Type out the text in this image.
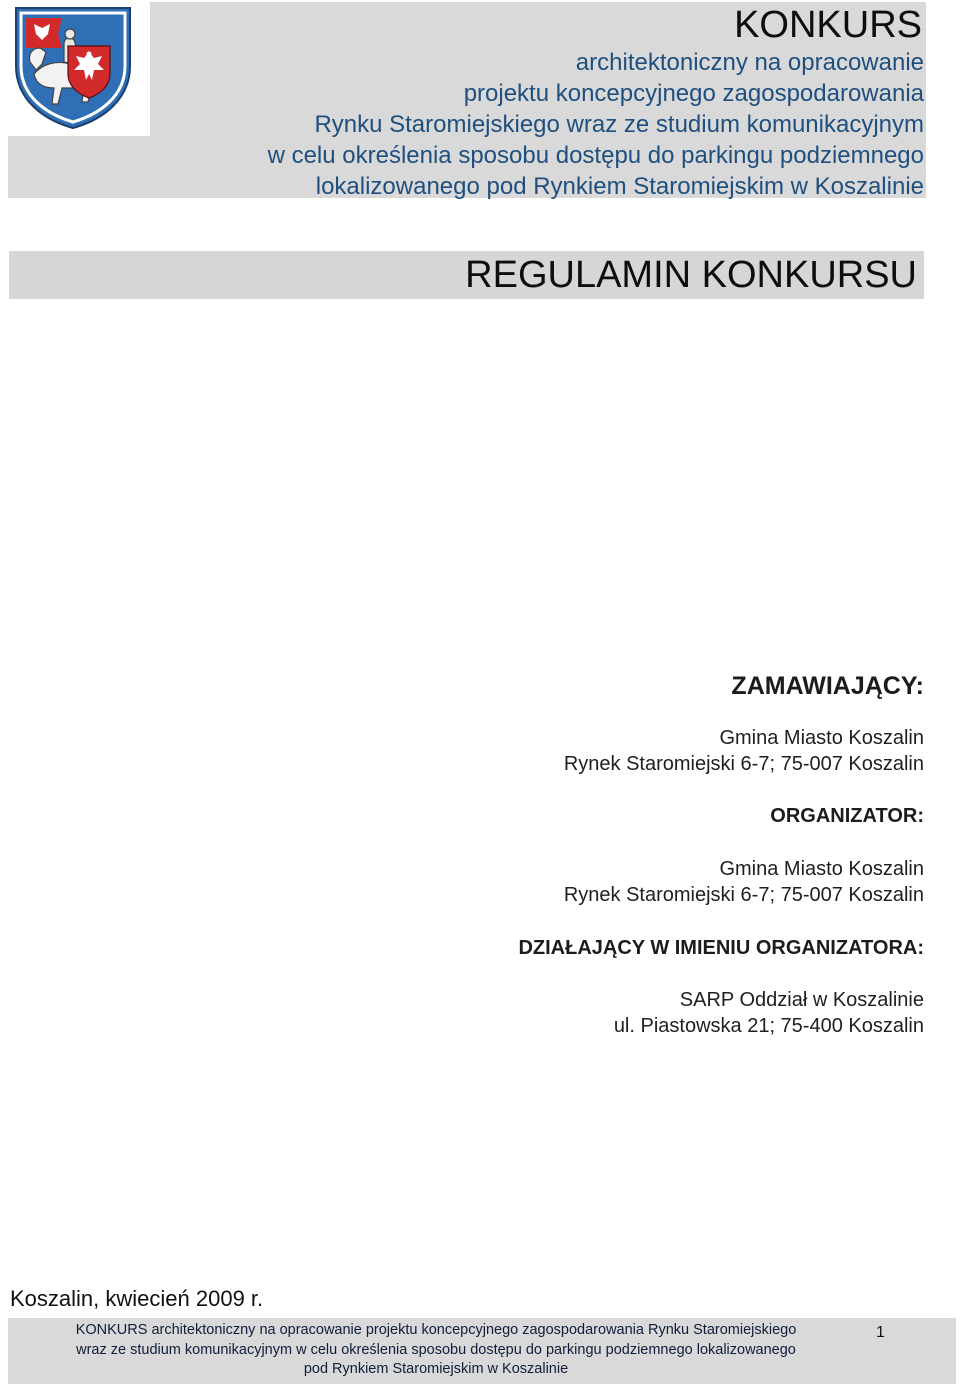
KONKURS
architektoniczny na opracowanie
projektu koncepcyjnego zagospodarowania
Rynku Staromiejskiego wraz ze studium komunikacyjnym
w celu określenia sposobu dostępu do parkingu podziemnego
lokalizowanego pod Rynkiem Staromiejskim w Koszalinie
REGULAMIN KONKURSU
ZAMAWIAJĄCY:
Gmina Miasto Koszalin
Rynek Staromiejski 6-7; 75-007 Koszalin
ORGANIZATOR:
Gmina Miasto Koszalin
Rynek Staromiejski 6-7; 75-007 Koszalin
DZIAŁAJĄCY W IMIENIU ORGANIZATORA:
SARP Oddział w Koszalinie
ul. Piastowska 21; 75-400 Koszalin
Koszalin, kwiecień 2009 r.
KONKURS architektoniczny na opracowanie projektu koncepcyjnego zagospodarowania Rynku Staromiejskiego
wraz ze studium komunikacyjnym w celu określenia sposobu dostępu do parkingu podziemnego lokalizowanego
pod Rynkiem Staromiejskim w Koszalinie
1
